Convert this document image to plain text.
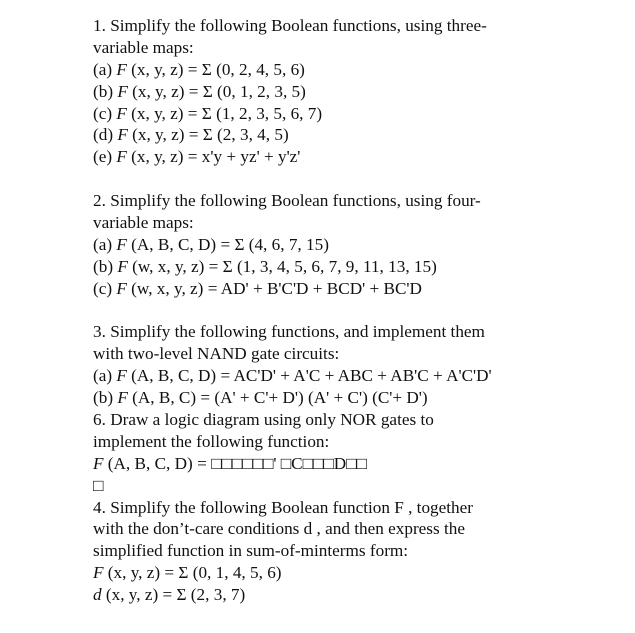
1. Simplify the following Boolean functions, using three-
variable maps:
(a) F (x, y, z) = Σ (0, 2, 4, 5, 6)
(b) F (x, y, z) = Σ (0, 1, 2, 3, 5)
(c) F (x, y, z) = Σ (1, 2, 3, 5, 6, 7)
(d) F (x, y, z) = Σ (2, 3, 4, 5)
(e) F (x, y, z) = x'y + yz' + y'z'
2. Simplify the following Boolean functions, using four-
variable maps:
(a) F (A, B, C, D) = Σ (4, 6, 7, 15)
(b) F (w, x, y, z) = Σ (1, 3, 4, 5, 6, 7, 9, 11, 13, 15)
(c) F (w, x, y, z) = AD' + B'C'D + BCD' + BC'D
3. Simplify the following functions, and implement them
with two-level NAND gate circuits:
(a) F (A, B, C, D) = AC'D' + A'C + ABC + AB'C + A'C'D'
(b) F (A, B, C) = (A' + C'+ D') (A' + C') (C'+ D')
6. Draw a logic diagram using only NOR gates to
implement the following function:
F (A, B, C, D) = □□□□□□' □C□□□D□□
□
4. Simplify the following Boolean function F , together
with the don’t-care conditions d , and then express the
simplified function in sum-of-minterms form:
F (x, y, z) = Σ (0, 1, 4, 5, 6)
d (x, y, z) = Σ (2, 3, 7)
